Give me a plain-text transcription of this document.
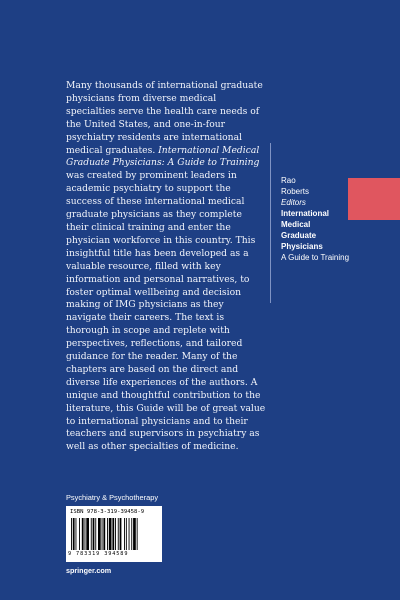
Many thousands of international graduate physicians from diverse medical specialties serve the health care needs of the United States, and one-in-four psychiatry residents are international medical graduates. International Medical Graduate Physicians: A Guide to Training was created by prominent leaders in academic psychiatry to support the success of these international medical graduate physicians as they complete their clinical training and enter the physician workforce in this country. This insightful title has been developed as a valuable resource, filled with key information and personal narratives, to foster optimal wellbeing and decision making of IMG physicians as they navigate their careers. The text is thorough in scope and replete with perspectives, reflections, and tailored guidance for the reader. Many of the chapters are based on the direct and diverse life experiences of the authors. A unique and thoughtful contribution to the literature, this Guide will be of great value to international physicians and to their teachers and supervisors in psychiatry as well as other specialties of medicine.

Rao
Roberts
Editors
International
Medical
Graduate
Physicians
A Guide to Training
Psychiatry & Psychotherapy
ISBN 978-3-319-39458-9
9 783319 394589
springer.com
